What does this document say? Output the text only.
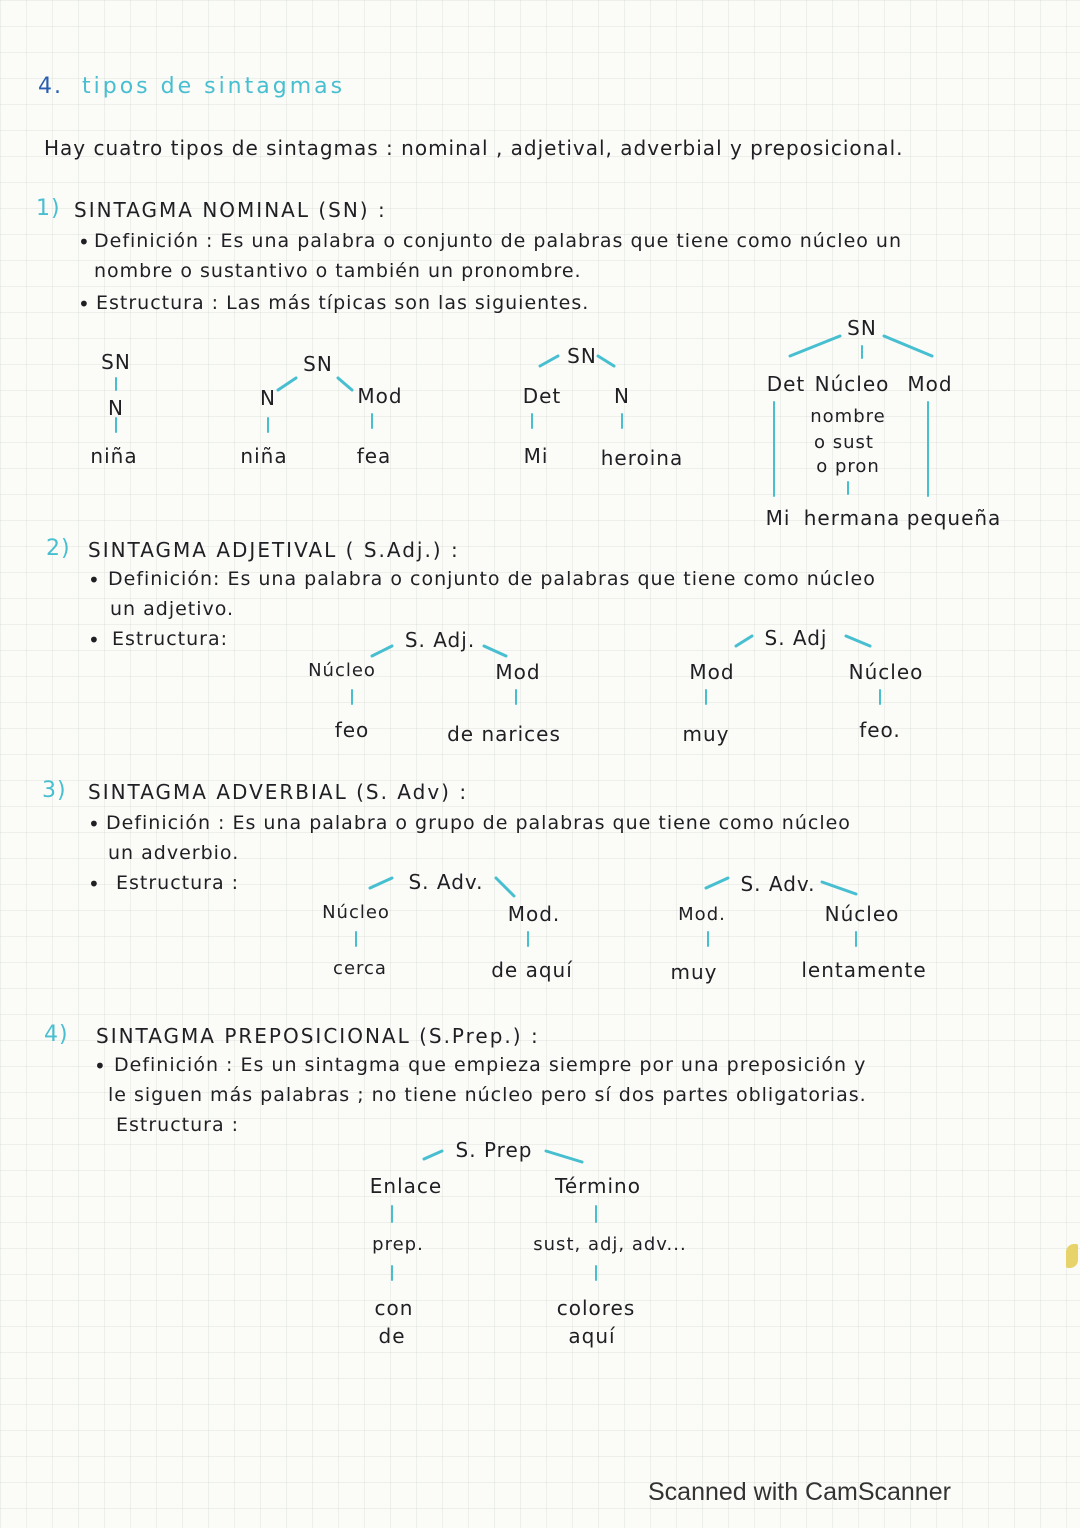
4. tipos de sintagmas
Hay cuatro tipos de sintagmas : nominal , adjetival, adverbial y preposicional.
1) SINTAGMA NOMINAL (SN) :
• Definición : Es una palabra o conjunto de palabras que tiene como núcleo un
nombre o sustantivo o también un pronombre.
• Estructura : Las más típicas son las siguientes.
SN
N
niña
SN
N	Mod
niña	fea
SN
Det	N
Mi	heroina
SN
Det Núcleo Mod
nombre
o sust
o pron
Mi hermana pequeña
2) SINTAGMA ADJETIVAL ( S.Adj.) :
• Definición: Es una palabra o conjunto de palabras que tiene como núcleo
un adjetivo.
• Estructura:	S. Adj.
Núcleo	Mod
feo	de narices
S. Adj
Mod	Núcleo
muy	feo.
3) SINTAGMA ADVERBIAL (S. Adv) :
• Definición : Es una palabra o grupo de palabras que tiene como núcleo
un adverbio.
• Estructura :	S. Adv.
Núcleo	Mod.
cerca	de aquí
S. Adv.
Mod.	Núcleo
muy	lentamente
4) SINTAGMA PREPOSICIONAL (S.Prep.) :
• Definición : Es un sintagma que empieza siempre por una preposición y
le siguen más palabras ; no tiene núcleo pero sí dos partes obligatorias.
Estructura :
S. Prep
Enlace	Término
prep.	sust, adj, adv...
con
de
colores
aquí
Scanned with CamScanner
